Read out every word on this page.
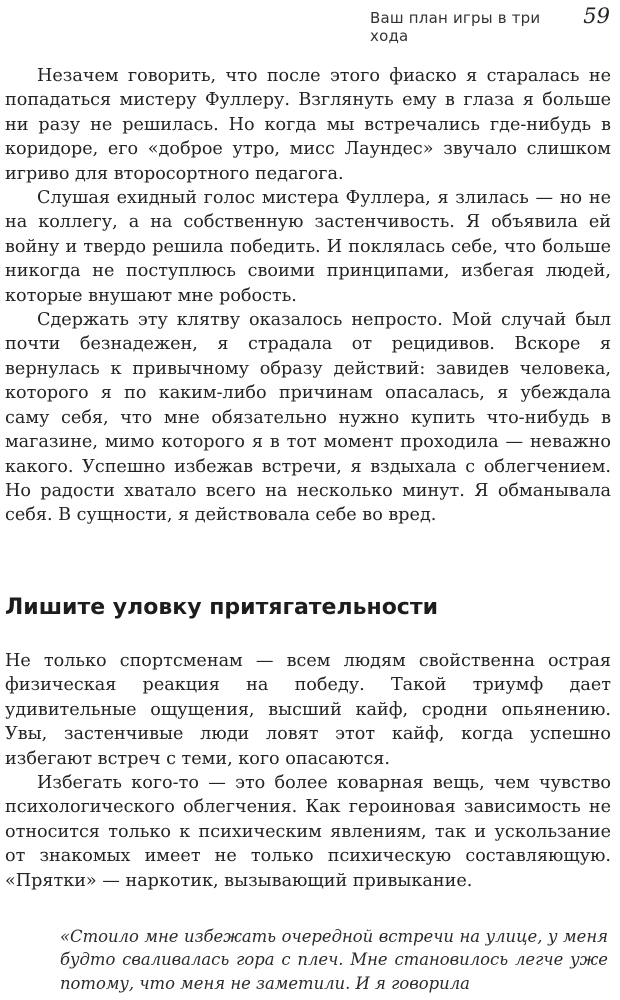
Ваш план игры в три хода
59

Незачем говорить, что после этого фиаско я старалась не попадаться мистеру Фуллеру. Взглянуть ему в глаза я больше ни разу не решилась. Но когда мы встречались где-нибудь в коридоре, его «доброе утро, мисс Лаундес» звучало слишком игриво для второсортного педагога.

Слушая ехидный голос мистера Фуллера, я злилась — но не на коллегу, а на собственную застенчивость. Я объявила ей войну и твердо решила победить. И поклялась себе, что больше никогда не поступлюсь своими принципами, избегая людей, которые внушают мне робость.

Сдержать эту клятву оказалось непросто. Мой случай был почти безнадежен, я страдала от рецидивов. Вскоре я вернулась к привычному образу действий: завидев человека, которого я по каким-либо причинам опасалась, я убеждала саму себя, что мне обязательно нужно купить что-нибудь в магазине, мимо которого я в тот момент проходила — неважно какого. Успешно избежав встречи, я вздыхала с облегчением. Но радости хватало всего на несколько минут. Я обманывала себя. В сущности, я действовала себе во вред.

Лишите уловку притягательности

Не только спортсменам — всем людям свойственна острая физическая реакция на победу. Такой триумф дает удивительные ощущения, высший кайф, сродни опьянению. Увы, застенчивые люди ловят этот кайф, когда успешно избегают встреч с теми, кого опасаются.

Избегать кого-то — это более коварная вещь, чем чувство психологического облегчения. Как героиновая зависимость не относится только к психическим явлениям, так и ускользание от знакомых имеет не только психическую составляющую. «Прятки» — наркотик, вызывающий привыкание.

«Стоило мне избежать очередной встречи на улице, у меня будто сваливалась гора с плеч. Мне становилось легче уже потому, что меня не заметили. И я говорила
